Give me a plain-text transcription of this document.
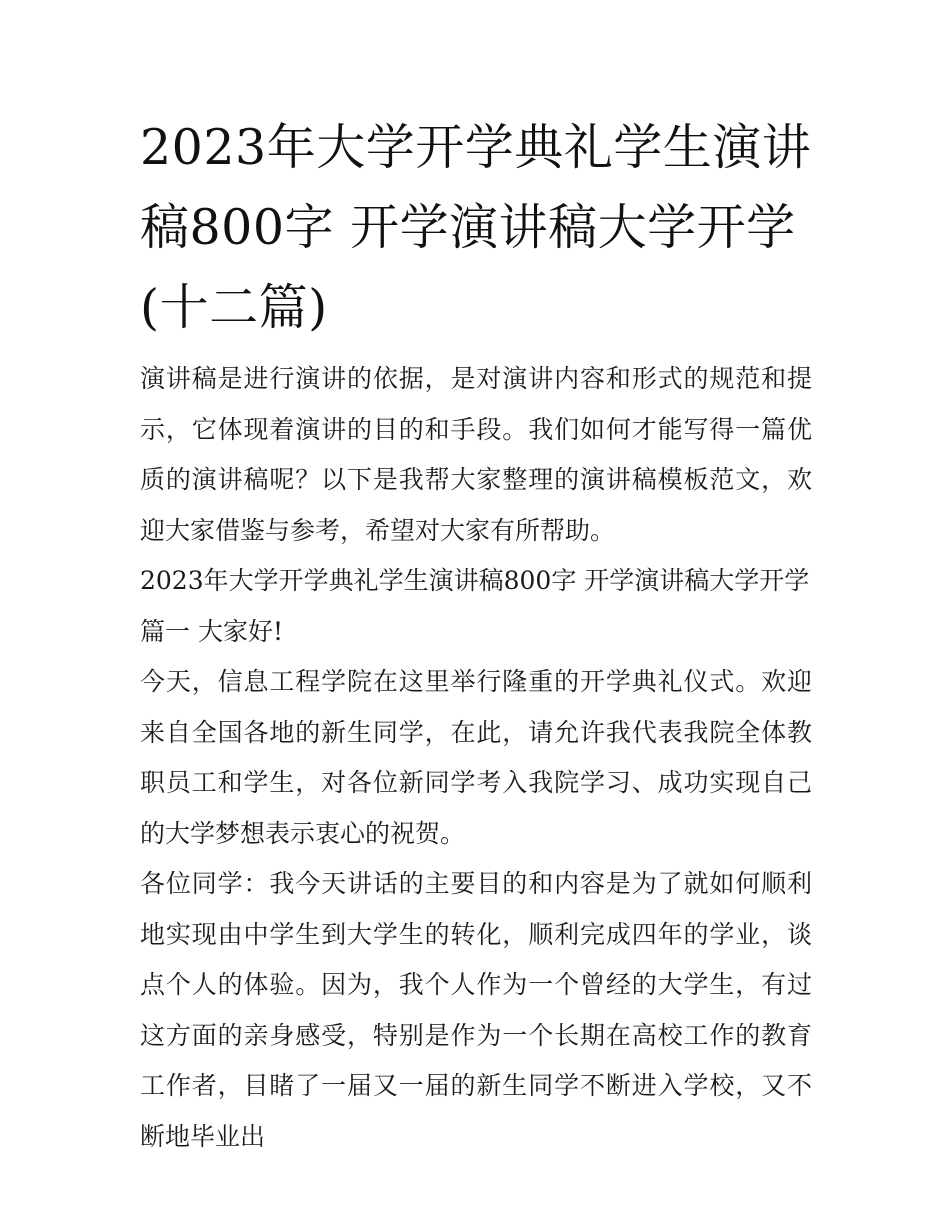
2023年大学开学典礼学生演讲稿800字 开学演讲稿大学开学(十二篇)

演讲稿是进行演讲的依据，是对演讲内容和形式的规范和提示，它体现着演讲的目的和手段。我们如何才能写得一篇优质的演讲稿呢？以下是我帮大家整理的演讲稿模板范文，欢迎大家借鉴与参考，希望对大家有所帮助。

2023年大学开学典礼学生演讲稿800字 开学演讲稿大学开学篇一 大家好!

今天，信息工程学院在这里举行隆重的开学典礼仪式。欢迎来自全国各地的新生同学，在此，请允许我代表我院全体教职员工和学生，对各位新同学考入我院学习、成功实现自己的大学梦想表示衷心的祝贺。

各位同学：我今天讲话的主要目的和内容是为了就如何顺利地实现由中学生到大学生的转化，顺利完成四年的学业，谈点个人的体验。因为，我个人作为一个曾经的大学生，有过这方面的亲身感受，特别是作为一个长期在高校工作的教育工作者，目睹了一届又一届的新生同学不断进入学校，又不断地毕业出
